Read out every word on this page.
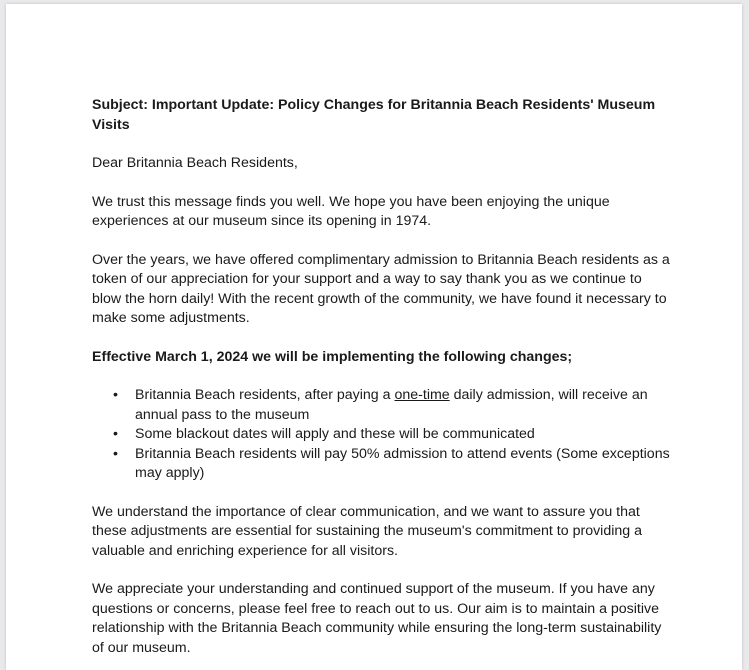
Subject: Important Update: Policy Changes for Britannia Beach Residents' Museum Visits

Dear Britannia Beach Residents,

We trust this message finds you well. We hope you have been enjoying the unique experiences at our museum since its opening in 1974.

Over the years, we have offered complimentary admission to Britannia Beach residents as a token of our appreciation for your support and a way to say thank you as we continue to blow the horn daily! With the recent growth of the community, we have found it necessary to make some adjustments.

Effective March 1, 2024 we will be implementing the following changes;

• Britannia Beach residents, after paying a one-time daily admission, will receive an annual pass to the museum
• Some blackout dates will apply and these will be communicated
• Britannia Beach residents will pay 50% admission to attend events (Some exceptions may apply)

We understand the importance of clear communication, and we want to assure you that these adjustments are essential for sustaining the museum's commitment to providing a valuable and enriching experience for all visitors.

We appreciate your understanding and continued support of the museum. If you have any questions or concerns, please feel free to reach out to us. Our aim is to maintain a positive relationship with the Britannia Beach community while ensuring the long-term sustainability of our museum.
